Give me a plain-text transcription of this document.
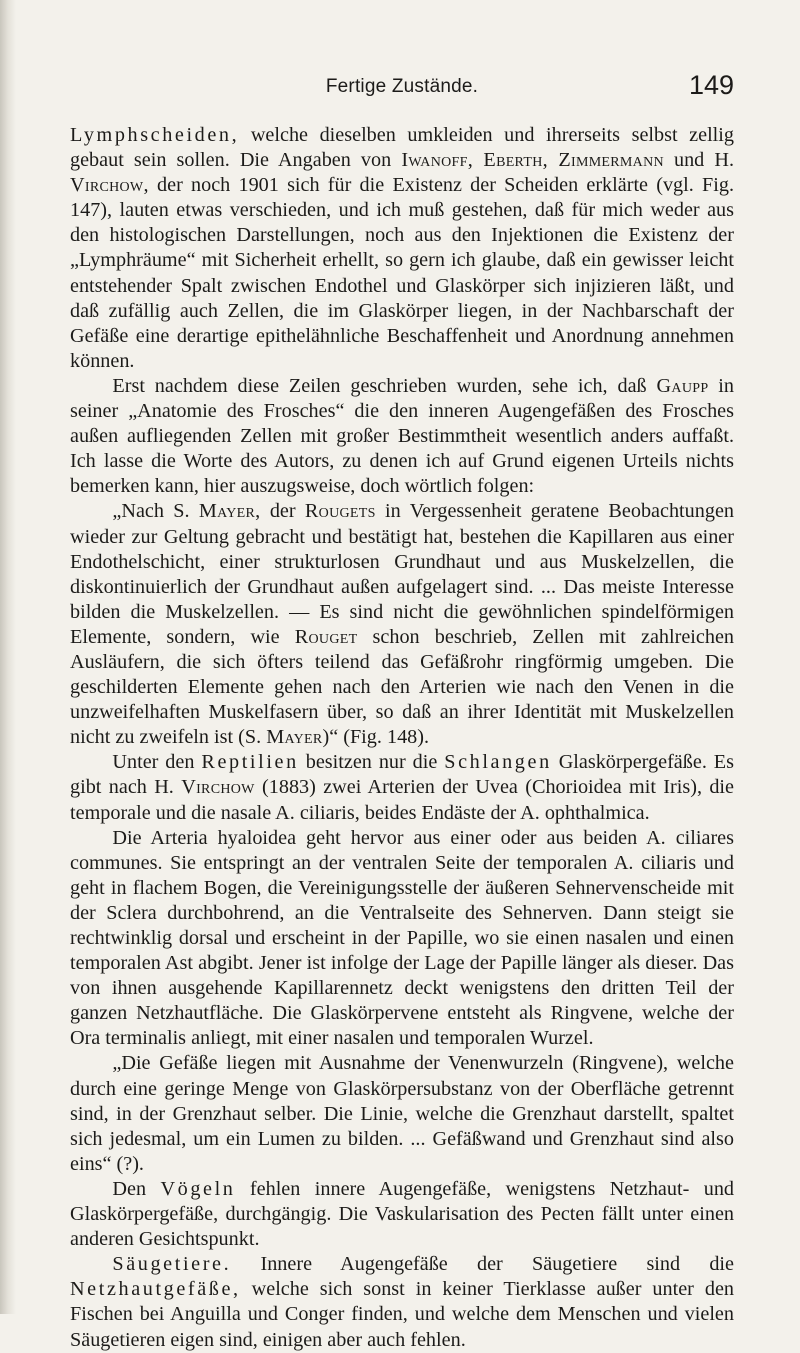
Fertige Zustände.	149

Lymphscheiden, welche dieselben umkleiden und ihrerseits selbst zellig gebaut sein sollen. Die Angaben von Iwanoff, Eberth, Zimmermann und H. Virchow, der noch 1901 sich für die Existenz der Scheiden erklärte (vgl. Fig. 147), lauten etwas verschieden, und ich muß gestehen, daß für mich weder aus den histologischen Darstellungen, noch aus den Injektionen die Existenz der „Lymphräume“ mit Sicherheit erhellt, so gern ich glaube, daß ein gewisser leicht entstehender Spalt zwischen Endothel und Glaskörper sich injizieren läßt, und daß zufällig auch Zellen, die im Glaskörper liegen, in der Nachbarschaft der Gefäße eine derartige epithelähnliche Beschaffenheit und Anordnung annehmen können.

Erst nachdem diese Zeilen geschrieben wurden, sehe ich, daß Gaupp in seiner „Anatomie des Frosches“ die den inneren Augengefäßen des Frosches außen aufliegenden Zellen mit großer Bestimmtheit wesentlich anders auffaßt. Ich lasse die Worte des Autors, zu denen ich auf Grund eigenen Urteils nichts bemerken kann, hier auszugsweise, doch wörtlich folgen:

„Nach S. Mayer, der Rougets in Vergessenheit geratene Beobachtungen wieder zur Geltung gebracht und bestätigt hat, bestehen die Kapillaren aus einer Endothelschicht, einer strukturlosen Grundhaut und aus Muskelzellen, die diskontinuierlich der Grundhaut außen aufgelagert sind. ... Das meiste Interesse bilden die Muskelzellen. — Es sind nicht die gewöhnlichen spindelförmigen Elemente, sondern, wie Rouget schon beschrieb, Zellen mit zahlreichen Ausläufern, die sich öfters teilend das Gefäßrohr ringförmig umgeben. Die geschilderten Elemente gehen nach den Arterien wie nach den Venen in die unzweifelhaften Muskelfasern über, so daß an ihrer Identität mit Muskelzellen nicht zu zweifeln ist (S. Mayer)“ (Fig. 148).

Unter den Reptilien besitzen nur die Schlangen Glaskörpergefäße. Es gibt nach H. Virchow (1883) zwei Arterien der Uvea (Chorioidea mit Iris), die temporale und die nasale A. ciliaris, beides Endäste der A. ophthalmica.

Die Arteria hyaloidea geht hervor aus einer oder aus beiden A. ciliares communes. Sie entspringt an der ventralen Seite der temporalen A. ciliaris und geht in flachem Bogen, die Vereinigungsstelle der äußeren Sehnervenscheide mit der Sclera durchbohrend, an die Ventralseite des Sehnerven. Dann steigt sie rechtwinklig dorsal und erscheint in der Papille, wo sie einen nasalen und einen temporalen Ast abgibt. Jener ist infolge der Lage der Papille länger als dieser. Das von ihnen ausgehende Kapillarennetz deckt wenigstens den dritten Teil der ganzen Netzhautfläche. Die Glaskörpervene entsteht als Ringvene, welche der Ora terminalis anliegt, mit einer nasalen und temporalen Wurzel.

„Die Gefäße liegen mit Ausnahme der Venenwurzeln (Ringvene), welche durch eine geringe Menge von Glaskörpersubstanz von der Oberfläche getrennt sind, in der Grenzhaut selber. Die Linie, welche die Grenzhaut darstellt, spaltet sich jedesmal, um ein Lumen zu bilden. ... Gefäßwand und Grenzhaut sind also eins“ (?).

Den Vögeln fehlen innere Augengefäße, wenigstens Netzhaut- und Glaskörpergefäße, durchgängig. Die Vaskularisation des Pecten fällt unter einen anderen Gesichtspunkt.

Säugetiere. Innere Augengefäße der Säugetiere sind die Netzhautgefäße, welche sich sonst in keiner Tierklasse außer unter den Fischen bei Anguilla und Conger finden, und welche dem Menschen und vielen Säugetieren eigen sind, einigen aber auch fehlen.
